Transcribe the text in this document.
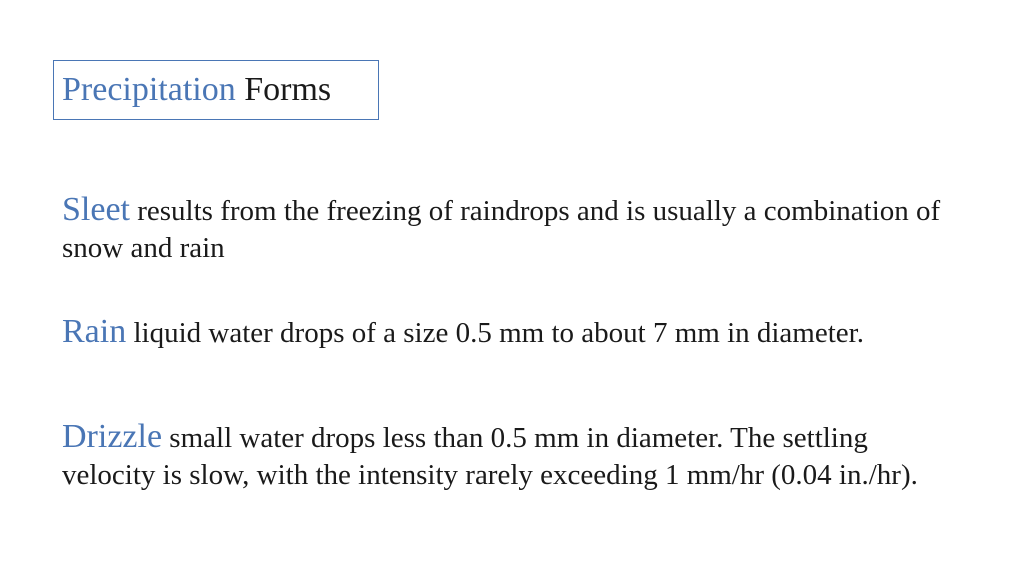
Precipitation Forms

Sleet results from the freezing of raindrops and is usually a combination of snow and rain

Rain liquid water drops of a size 0.5 mm to about 7 mm in diameter.

Drizzle small water drops less than 0.5 mm in diameter. The settling velocity is slow, with the intensity rarely exceeding 1 mm/hr (0.04 in./hr).
